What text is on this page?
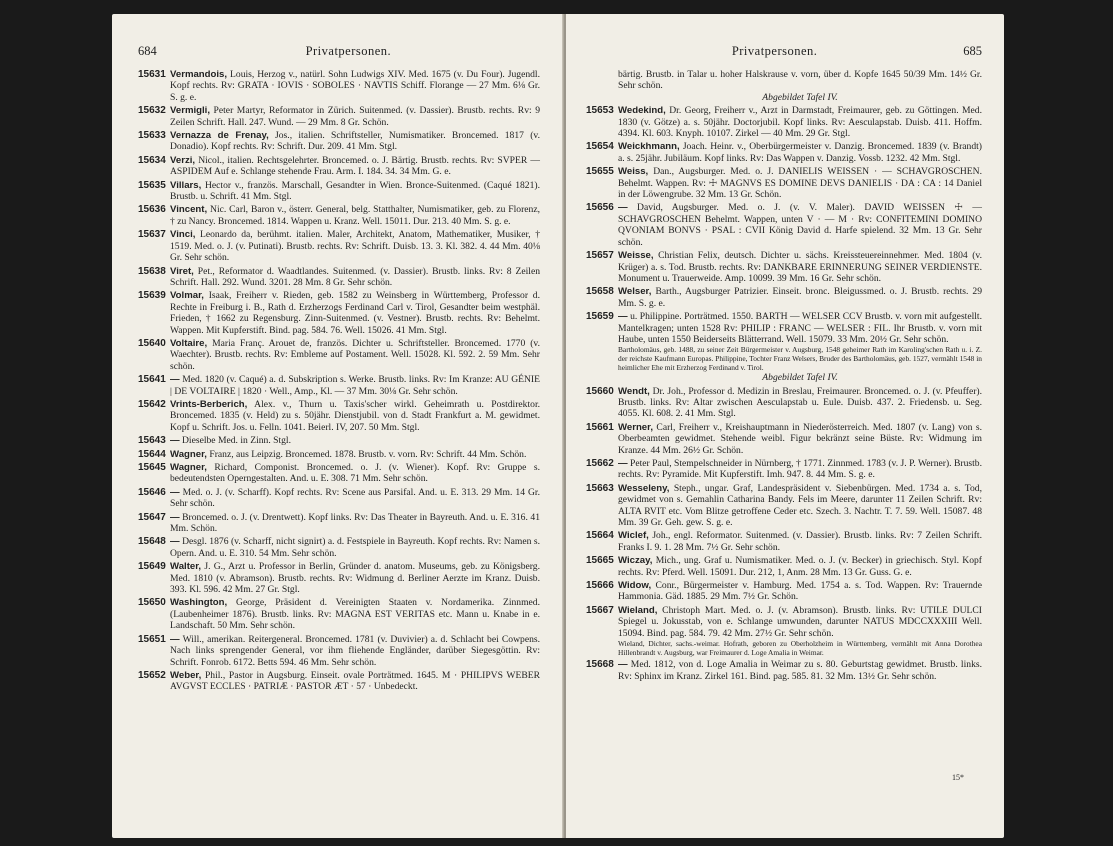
684	Privatpersonen.
15631 Vermandois, Louis, Herzog v., natürl. Sohn Ludwigs XIV. Med. 1675 (v. Du Four). Jugendl. Kopf rechts. Rv: GRATA · IOVIS · SOBOLES · NAVTIS Schiff. Florange — 27 Mm. 6⅛ Gr. S. g. e.
15632 Vermigli, Peter Martyr, Reformator in Zürich. Suitenmed. (v. Dassier). Brustb. rechts. Rv: 9 Zeilen Schrift. Hall. 247. Wund. — 29 Mm. 8 Gr. Schön.
15633 Vernazza de Frenay, Jos., italien. Schriftsteller, Numismatiker. Broncemed. 1817 (v. Donadio). Kopf rechts. Rv: Schrift. Dur. 209. 41 Mm. Stgl.
15634 Verzi, Nicol., italien. Rechtsgelehrter. Broncemed. o. J. Bärtig. Brustb. rechts. Rv: SVPER — ASPIDEM Auf e. Schlange stehende Frau. Arm. I. 184. 34. 34 Mm. G. e.
15635 Villars, Hector v., französ. Marschall, Gesandter in Wien. Bronce-Suitenmed. (Caqué 1821). Brustb. u. Schrift. 41 Mm. Stgl.
15636 Vincent, Nic. Carl, Baron v., österr. General, belg. Statthalter, Numismatiker, geb. zu Florenz, † zu Nancy. Broncemed. 1814. Wappen u. Kranz. Well. 15011. Dur. 213. 40 Mm. S. g. e.
15637 Vinci, Leonardo da, berühmt. italien. Maler, Architekt, Anatom, Mathematiker, Musiker, † 1519. Med. o. J. (v. Putinati). Brustb. rechts. Rv: Schrift. Duisb. 13. 3. Kl. 382. 4. 44 Mm. 40⅛ Gr. Sehr schön.
15638 Viret, Pet., Reformator d. Waadtlandes. Suitenmed. (v. Dassier). Brustb. links. Rv: 8 Zeilen Schrift. Hall. 292. Wund. 3201. 28 Mm. 8 Gr. Sehr schön.
15639 Volmar, Isaak, Freiherr v. Rieden, geb. 1582 zu Weinsberg in Württemberg, Professor d. Rechte in Freiburg i. B., Rath d. Erzherzogs Ferdinand Carl v. Tirol, Gesandter beim westphäl. Frieden, † 1662 zu Regensburg. Zinn-Suitenmed. (v. Vestner). Brustb. rechts. Rv: Behelmt. Wappen. Mit Kupferstift. Bind. pag. 584. 76. Well. 15026. 41 Mm. Stgl.
15640 Voltaire, Maria Franç. Arouet de, französ. Dichter u. Schriftsteller. Broncemed. 1770 (v. Waechter). Brustb. rechts. Rv: Embleme auf Postament. Well. 15028. Kl. 592. 2. 59 Mm. Sehr schön.
15641 — Med. 1820 (v. Caqué) a. d. Subskription s. Werke. Brustb. links. Rv: Im Kranze: AU GÉNIE | DE VOLTAIRE | 1820 · Well., Amp., Kl. — 37 Mm. 30⅛ Gr. Sehr schön.
15642 Vrints-Berberich, Alex. v., Thurn u. Taxis'scher wirkl. Geheimrath u. Postdirektor. Broncemed. 1835 (v. Held) zu s. 50jähr. Dienstjubil. von d. Stadt Frankfurt a. M. gewidmet. Kopf u. Schrift. Jos. u. Felln. 1041. Beierl. IV, 207. 50 Mm. Stgl.
15643 — Dieselbe Med. in Zinn. Stgl.
15644 Wagner, Franz, aus Leipzig. Broncemed. 1878. Brustb. v. vorn. Rv: Schrift. 44 Mm. Schön.
15645 Wagner, Richard, Componist. Broncemed. o. J. (v. Wiener). Kopf. Rv: Gruppe s. bedeutendsten Operngestalten. And. u. E. 308. 71 Mm. Sehr schön.
15646 — Med. o. J. (v. Scharff). Kopf rechts. Rv: Scene aus Parsifal. And. u. E. 313. 29 Mm. 14 Gr. Sehr schön.
15647 — Broncemed. o. J. (v. Drentwett). Kopf links. Rv: Das Theater in Bayreuth. And. u. E. 316. 41 Mm. Schön.
15648 — Desgl. 1876 (v. Scharff, nicht signirt) a. d. Festspiele in Bayreuth. Kopf rechts. Rv: Namen s. Opern. And. u. E. 310. 54 Mm. Sehr schön.
15649 Walter, J. G., Arzt u. Professor in Berlin, Gründer d. anatom. Museums, geb. zu Königsberg. Med. 1810 (v. Abramson). Brustb. rechts. Rv: Widmung d. Berliner Aerzte im Kranz. Duisb. 393. Kl. 596. 42 Mm. 27 Gr. Stgl.
15650 Washington, George, Präsident d. Vereinigten Staaten v. Nordamerika. Zinnmed. (Laubenheimer 1876). Brustb. links. Rv: MAGNA EST VERITAS etc. Mann u. Knabe in e. Landschaft. 50 Mm. Sehr schön.
15651 — Will., amerikan. Reitergeneral. Broncemed. 1781 (v. Duvivier) a. d. Schlacht bei Cowpens. Nach links sprengender General, vor ihm fliehende Engländer, darüber Siegesgöttin. Rv: Schrift. Fonrob. 6172. Betts 594. 46 Mm. Sehr schön.
15652 Weber, Phil., Pastor in Augsburg. Einseit. ovale Porträtmed. 1645. M · PHILIPVS WEBER AVGVST ECCLES · PATRIÆ · PASTOR ÆT · 57 · Unbedeckt.
Privatpersonen.	685
bärtig. Brustb. in Talar u. hoher Halskrause v. vorn, über d. Kopfe 1645 50/39 Mm. 14½ Gr. Sehr schön.
Abgebildet Tafel IV.
15653 Wedekind, Dr. Georg, Freiherr v., Arzt in Darmstadt, Freimaurer, geb. zu Göttingen. Med. 1830 (v. Götze) a. s. 50jähr. Doctorjubil. Kopf links. Rv: Aesculapstab. Duisb. 411. Hoffm. 4394. Kl. 603. Knyph. 10107. Zirkel — 40 Mm. 29 Gr. Stgl.
15654 Weickhmann, Joach. Heinr. v., Oberbürgermeister v. Danzig. Broncemed. 1839 (v. Brandt) a. s. 25jähr. Jubiläum. Kopf links. Rv: Das Wappen v. Danzig. Vossb. 1232. 42 Mm. Stgl.
15655 Weiss, Dan., Augsburger. Med. o. J. DANIELIS WEISSEN · — SCHAVGROSCHEN. Behelmt. Wappen. Rv: ☩ MAGNVS ES DOMINE DEVS DANIELIS · DA : CA : 14 Daniel in der Löwengrube. 32 Mm. 13 Gr. Schön.
15656 — David, Augsburger. Med. o. J. (v. V. Maler). DAVID WEISSEN ☩ — SCHAVGROSCHEN Behelmt. Wappen, unten V · — M · Rv: CONFITEMINI DOMINO QVONIAM BONVS · PSAL : CVII König David d. Harfe spielend. 32 Mm. 13 Gr. Sehr schön.
15657 Weisse, Christian Felix, deutsch. Dichter u. sächs. Kreissteuereinnehmer. Med. 1804 (v. Krüger) a. s. Tod. Brustb. rechts. Rv: DANKBARE ERINNERUNG SEINER VERDIENSTE. Monument u. Trauerweide. Amp. 10099. 39 Mm. 16 Gr. Sehr schön.
15658 Welser, Barth., Augsburger Patrizier. Einseit. bronc. Bleigussmed. o. J. Brustb. rechts. 29 Mm. S. g. e.
15659 — u. Philippine. Porträtmed. 1550. BARTH — WELSER CCV Brustb. v. vorn mit aufgestellt. Mantelkragen; unten 1528 Rv: PHILIP : FRANC — WELSER : FIL. Ihr Brustb. v. vorn mit Haube, unten 1550 Beiderseits Blätterrand. Well. 15079. 33 Mm. 20½ Gr. Sehr schön.
Bartholomäus, geb. 1488, zu seiner Zeit Bürgermeister v. Augsburg, 1548 geheimer Rath im Karoling'schen Rath u. i. Z. der reichste Kaufmann Europas. Philippine, Tochter Franz Welsers, Bruder des Bartholomäus, geb. 1527, vermählt 1548 in heimlicher Ehe mit Erzherzog Ferdinand v. Tirol.
Abgebildet Tafel IV.
15660 Wendt, Dr. Joh., Professor d. Medizin in Breslau, Freimaurer. Broncemed. o. J. (v. Pfeuffer). Brustb. links. Rv: Altar zwischen Aesculapstab u. Eule. Duisb. 437. 2. Friedensb. u. Seg. 4055. Kl. 608. 2. 41 Mm. Stgl.
15661 Werner, Carl, Freiherr v., Kreishauptmann in Niederösterreich. Med. 1807 (v. Lang) von s. Oberbeamten gewidmet. Stehende weibl. Figur bekränzt seine Büste. Rv: Widmung im Kranze. 44 Mm. 26½ Gr. Schön.
15662 — Peter Paul, Stempelschneider in Nürnberg, † 1771. Zinnmed. 1783 (v. J. P. Werner). Brustb. rechts. Rv: Pyramide. Mit Kupferstift. Imh. 947. 8. 44 Mm. S. g. e.
15663 Wesseleny, Steph., ungar. Graf, Landespräsident v. Siebenbürgen. Med. 1734 a. s. Tod, gewidmet von s. Gemahlin Catharina Bandy. Fels im Meere, darunter 11 Zeilen Schrift. Rv: ALTA RVIT etc. Vom Blitze getroffene Ceder etc. Szech. 3. Nachtr. T. 7. 59. Well. 15087. 48 Mm. 39 Gr. Geh. gew. S. g. e.
15664 Wiclef, Joh., engl. Reformator. Suitenmed. (v. Dassier). Brustb. links. Rv: 7 Zeilen Schrift. Franks I. 9. 1. 28 Mm. 7½ Gr. Sehr schön.
15665 Wiczay, Mich., ung. Graf u. Numismatiker. Med. o. J. (v. Becker) in griechisch. Styl. Kopf rechts. Rv: Pferd. Well. 15091. Dur. 212, 1, Anm. 28 Mm. 13 Gr. Guss. G. e.
15666 Widow, Conr., Bürgermeister v. Hamburg. Med. 1754 a. s. Tod. Wappen. Rv: Trauernde Hammonia. Gäd. 1885. 29 Mm. 7½ Gr. Schön.
15667 Wieland, Christoph Mart. Med. o. J. (v. Abramson). Brustb. links. Rv: UTILE DULCI Spiegel u. Jokusstab, von e. Schlange umwunden, darunter NATUS MDCCXXXIII Well. 15094. Bind. pag. 584. 79. 42 Mm. 27½ Gr. Sehr schön.
Wieland, Dichter, sachs.-weimar. Hofrath, geboren zu Oberholzheim in Württemberg, vermählt mit Anna Dorothea Hillenbrandt v. Augsburg, war Freimaurer d. Loge Amalia in Weimar.
15668 — Med. 1812, von d. Loge Amalia in Weimar zu s. 80. Geburtstag gewidmet. Brustb. links. Rv: Sphinx im Kranz. Zirkel 161. Bind. pag. 585. 81. 32 Mm. 13½ Gr. Sehr schön.
15*
